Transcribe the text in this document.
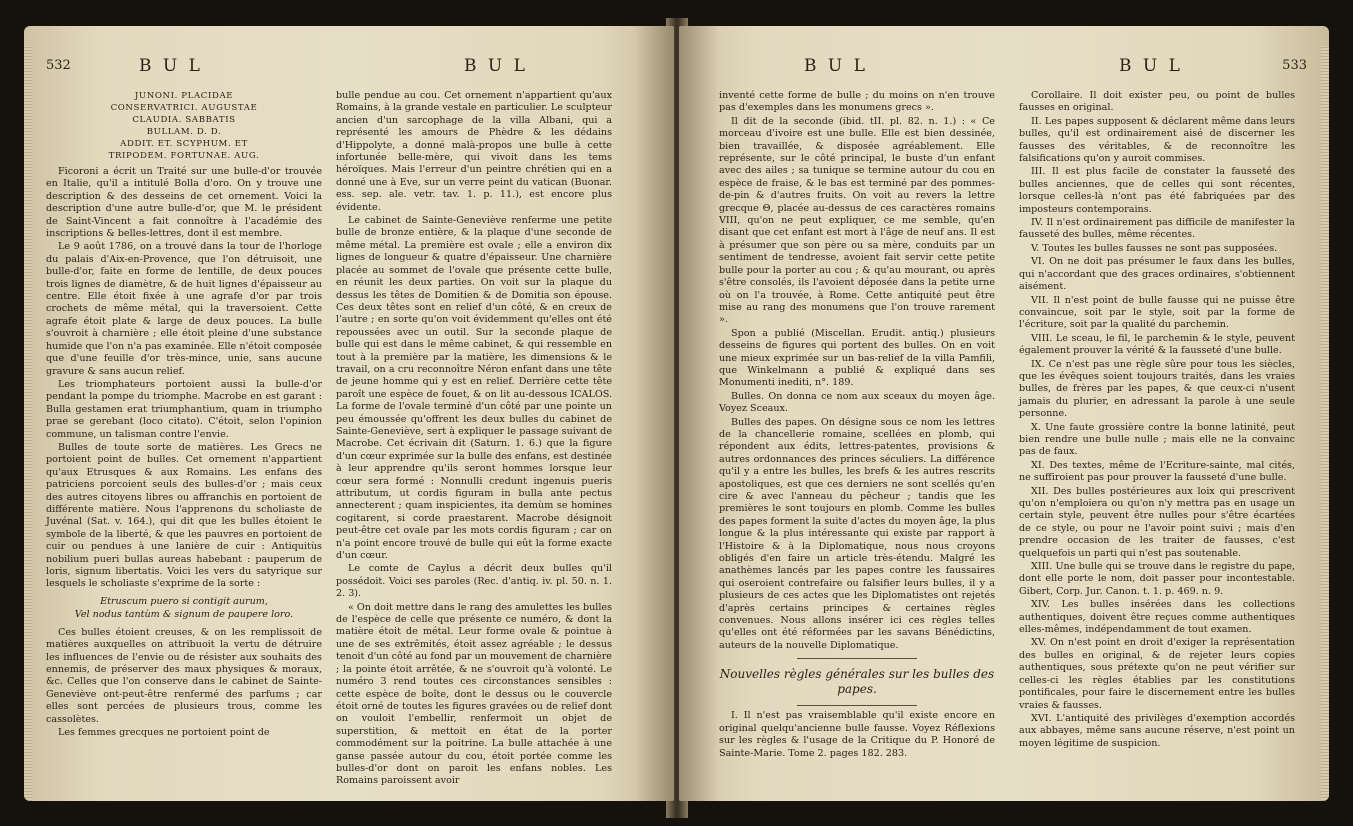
532	B U L	B U L
JUNONI. PLACIDAE
CONSERVATRICI. AUGUSTAE
CLAUDIA. SABBATIS
BULLAM. D. D.
ADDIT. ET. SCYPHUM. ET
TRIPODEM. FORTUNAE. AUG.

Ficoroni a écrit un Traité sur une bulle-d'or trouvée en Italie, qu'il a intitulé Bolla d'oro. On y trouve une description & des desseins de cet ornement. Voici la description d'une autre bulle-d'or, que M. le président de Saint-Vincent a fait connoître à l'académie des inscriptions & belles-lettres, dont il est membre.

Le 9 août 1786, on a trouvé dans la tour de l'horloge du palais d'Aix-en-Provence, que l'on détruisoit, une bulle-d'or, faite en forme de lentille, de deux pouces trois lignes de diamètre, & de huit lignes d'épaisseur au centre. Elle étoit fixée à une agrafe d'or par trois crochets de même métal, qui la traversoient. Cette agrafe étoit plate & large de deux pouces. La bulle s'ouvroit à charnière ; elle étoit pleine d'une substance humide que l'on n'a pas examinée. Elle n'étoit composée que d'une feuille d'or très-mince, unie, sans aucune gravure & sans aucun relief.

Les triomphateurs portoient aussi la bulle-d'or pendant la pompe du triomphe. Macrobe en est garant : Bulla gestamen erat triumphantium, quam in triumpho prae se gerebant (loco citato). C'étoit, selon l'opinion commune, un talisman contre l'envie.

Bulles de toute sorte de matières. Les Grecs ne portoient point de bulles. Cet ornement n'appartient qu'aux Etrusques & aux Romains. Les enfans des patriciens porcoient seuls des bulles-d'or ; mais ceux des autres citoyens libres ou affranchis en portoient de différente matière. Nous l'apprenons du scholiaste de Juvénal (Sat. v. 164.), qui dit que les bulles étoient le symbole de la liberté, & que les pauvres en portoient de cuir ou pendues à une lanière de cuir : Antiquitùs nobilium pueri bullas aureas habebant : pauperum de loris, signum libertatis. Voici les vers du satyrique sur lesquels le scholiaste s'exprime de la sorte :

Etruscum puero si contigit aurum,
Vel nodus tantùm & signum de paupere loro.

Ces bulles étoient creuses, & on les remplissoit de matières auxquelles on attribuoit la vertu de détruire les influences de l'envie ou de résister aux souhaits des ennemis, de préserver des maux physiques & moraux, &c. Celles que l'on conserve dans le cabinet de Sainte-Geneviève ont-peut-être renfermé des parfums ; car elles sont percées de plusieurs trous, comme les cassolètes.

Les femmes grecques ne portoient point de

bulle pendue au cou. Cet ornement n'appartient qu'aux Romains, à la grande vestale en particulier. Le sculpteur ancien d'un sarcophage de la villa Albani, qui a représenté les amours de Phèdre & les dédains d'Hippolyte, a donné malà-propos une bulle à cette infortunée belle-mère, qui vivoit dans les tems héroïques. Mais l'erreur d'un peintre chrétien qui en a donné une à Eve, sur un verre peint du vatican (Buonar. ess. sep. ale. vetr. tav. 1. p. 11.), est encore plus évidente.

Le cabinet de Sainte-Geneviève renferme une petite bulle de bronze entière, & la plaque d'une seconde de même métal. La première est ovale ; elle a environ dix lignes de longueur & quatre d'épaisseur. Une charnière placée au sommet de l'ovale que présente cette bulle, en réunit les deux parties. On voit sur la plaque du dessus les têtes de Domitien & de Domitia son épouse. Ces deux têtes sont en relief d'un côté, & en creux de l'autre ; en sorte qu'on voit évidemment qu'elles ont été repoussées avec un outil. Sur la seconde plaque de bulle qui est dans le même cabinet, & qui ressemble en tout à la première par la matière, les dimensions & le travail, on a cru reconnoître Néron enfant dans une tête de jeune homme qui y est en relief. Derrière cette tête paroît une espèce de fouet, & on lit au-dessous ICALOS. La forme de l'ovale terminé d'un côté par une pointe un peu émoussée qu'offrent les deux bulles du cabinet de Sainte-Geneviève, sert à expliquer le passage suivant de Macrobe. Cet écrivain dit (Saturn. 1. 6.) que la figure d'un cœur exprimée sur la bulle des enfans, est destinée à leur apprendre qu'ils seront hommes lorsque leur cœur sera formé : Nonnulli credunt ingenuis pueris attributum, ut cordis figuram in bulla ante pectus annecterent ; quam inspicientes, ita demùm se homines cogitarent, si corde praestarent. Macrobe désignoit peut-être cet ovale par les mots cordis figuram ; car on n'a point encore trouvé de bulle qui eût la forme exacte d'un cœur.

Le comte de Caylus a décrit deux bulles qu'il possédoit. Voici ses paroles (Rec. d'antiq. iv. pl. 50. n. 1. 2. 3).

« On doit mettre dans le rang des amulettes les bulles de l'espèce de celle que présente ce numéro, & dont la matière étoit de métal. Leur forme ovale & pointue à une de ses extrêmités, étoit assez agréable ; le dessus tenoit d'un côté au fond par un mouvement de charnière ; la pointe étoit arrêtée, & ne s'ouvroit qu'à volonté. Le numéro 3 rend toutes ces circonstances sensibles : cette espèce de boîte, dont le dessus ou le couvercle étoit orné de toutes les figures gravées ou de relief dont on vouloit l'embellir, renfermoit un objet de superstition, & mettoit en état de la porter commodément sur la poitrine. La bulle attachée à une ganse passée autour du cou, étoit portée comme les bulles-d'or dont on paroit les enfans nobles. Les Romains paroissent avoir

533
B U L	B U L

inventé cette forme de bulle ; du moins on n'en trouve pas d'exemples dans les monumens grecs ».

Il dit de la seconde (ibid. tII. pl. 82. n. 1.) : « Ce morceau d'ivoire est une bulle. Elle est bien dessinée, bien travaillée, & disposée agréablement. Elle représente, sur le côté principal, le buste d'un enfant avec des ailes ; sa tunique se termine autour du cou en espèce de fraise, & le bas est terminé par des pommes-de-pin & d'autres fruits. On voit au revers la lettre grecque Θ, placée au-dessus de ces caractères romains VIII, qu'on ne peut expliquer, ce me semble, qu'en disant que cet enfant est mort à l'âge de neuf ans. Il est à présumer que son père ou sa mère, conduits par un sentiment de tendresse, avoient fait servir cette petite bulle pour la porter au cou ; & qu'au mourant, ou après s'être consolés, ils l'avoient déposée dans la petite urne où on l'a trouvée, à Rome. Cette antiquité peut être mise au rang des monumens que l'on trouve rarement ».

Spon a publié (Miscellan. Erudit. antiq.) plusieurs desseins de figures qui portent des bulles. On en voit une mieux exprimée sur un bas-relief de la villa Pamfili, que Winkelmann a publié & expliqué dans ses Monumenti inediti, n°. 189.

Bulles. On donna ce nom aux sceaux du moyen âge. Voyez Sceaux.

Bulles des papes. On désigne sous ce nom les lettres de la chancellerie romaine, scellées en plomb, qui répondent aux édits, lettres-patentes, provisions & autres ordonnances des princes séculiers. La différence qu'il y a entre les bulles, les brefs & les autres rescrits apostoliques, est que ces derniers ne sont scellés qu'en cire & avec l'anneau du pêcheur ; tandis que les premières le sont toujours en plomb. Comme les bulles des papes forment la suite d'actes du moyen âge, la plus longue & la plus intéressante qui existe par rapport à l'Histoire & à la Diplomatique, nous nous croyons obligés d'en faire un article très-étendu. Malgré les anathèmes lancés par les papes contre les faussaires qui oseroient contrefaire ou falsifier leurs bulles, il y a plusieurs de ces actes que les Diplomatistes ont rejetés d'après certains principes & certaines règles convenues. Nous allons insérer ici ces règles telles qu'elles ont été réformées par les savans Bénédictins, auteurs de la nouvelle Diplomatique.

Nouvelles règles générales sur les bulles des papes.

I. Il n'est pas vraisemblable qu'il existe encore en original quelqu'ancienne bulle fausse. Voyez Réflexions sur les règles & l'usage de la Critique du P. Honoré de Sainte-Marie. Tome 2. pages 182. 283.

Corollaire. Il doit exister peu, ou point de bulles fausses en original.

II. Les papes supposent & déclarent même dans leurs bulles, qu'il est ordinairement aisé de discerner les fausses des véritables, & de reconnoître les falsifications qu'on y auroit commises.

III. Il est plus facile de constater la fausseté des bulles anciennes, que de celles qui sont récentes, lorsque celles-là n'ont pas été fabriquées par des imposteurs contemporains.

IV. Il n'est ordinairement pas difficile de manifester la fausseté des bulles, même récentes.

V. Toutes les bulles fausses ne sont pas supposées.

VI. On ne doit pas présumer le faux dans les bulles, qui n'accordant que des graces ordinaires, s'obtiennent aisément.

VII. Il n'est point de bulle fausse qui ne puisse être convaincue, soit par le style, soit par la forme de l'écriture, soit par la qualité du parchemin.

VIII. Le sceau, le fil, le parchemin & le style, peuvent également prouver la vérité & la fausseté d'une bulle.

IX. Ce n'est pas une règle sûre pour tous les siècles, que les évêques soient toujours traités, dans les vraies bulles, de frères par les papes, & que ceux-ci n'usent jamais du plurier, en adressant la parole à une seule personne.

X. Une faute grossière contre la bonne latinité, peut bien rendre une bulle nulle ; mais elle ne la convainc pas de faux.

XI. Des textes, même de l'Ecriture-sainte, mal cités, ne suffiroient pas pour prouver la fausseté d'une bulle.

XII. Des bulles postérieures aux loix qui prescrivent qu'on n'emploiera ou qu'on n'y mettra pas en usage un certain style, peuvent être nulles pour s'être écartées de ce style, ou pour ne l'avoir point suivi ; mais d'en prendre occasion de les traiter de fausses, c'est quelquefois un parti qui n'est pas soutenable.

XIII. Une bulle qui se trouve dans le registre du pape, dont elle porte le nom, doit passer pour incontestable. Gibert, Corp. Jur. Canon. t. 1. p. 469. n. 9.

XIV. Les bulles insérées dans les collections authentiques, doivent être reçues comme authentiques elles-mêmes, indépendamment de tout examen.

XV. On n'est point en droit d'exiger la représentation des bulles en original, & de rejeter leurs copies authentiques, sous prétexte qu'on ne peut vérifier sur celles-ci les règles établies par les constitutions pontificales, pour faire le discernement entre les bulles vraies & fausses.

XVI. L'antiquité des privilèges d'exemption accordés aux abbayes, même sans aucune réserve, n'est point un moyen légitime de suspicion.
